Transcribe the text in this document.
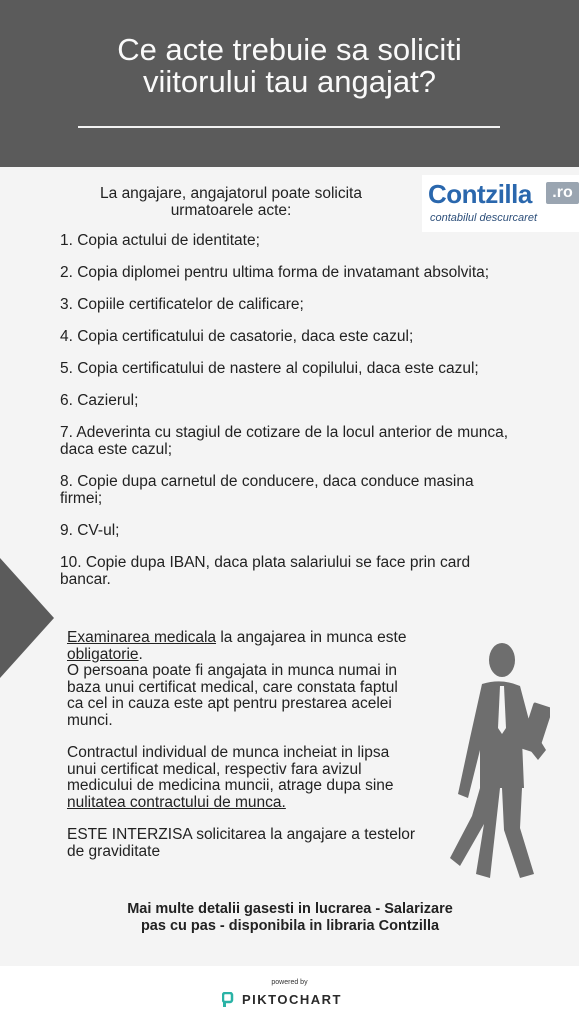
Ce acte trebuie sa soliciti
viitorului tau angajat?
La angajare, angajatorul poate solicita
urmatoarele acte:
Contzilla	.ro
contabilul descurcaret
1. Copia actului de identitate;
2. Copia diplomei pentru ultima forma de invatamant absolvita;
3. Copiile certificatelor de calificare;
4. Copia certificatului de casatorie, daca este cazul;
5. Copia certificatului de nastere al copilului, daca este cazul;
6. Cazierul;
7. Adeverinta cu stagiul de cotizare de la locul anterior de munca, daca este cazul;
8. Copie dupa carnetul de conducere, daca conduce masina firmei;
9. CV-ul;
10. Copie dupa IBAN, daca plata salariului se face prin card bancar.

Examinarea medicala la angajarea in munca este obligatorie.
O persoana poate fi angajata in munca numai in baza unui certificat medical, care constata faptul ca cel in cauza este apt pentru prestarea acelei munci.

Contractul individual de munca incheiat in lipsa unui certificat medical, respectiv fara avizul medicului de medicina muncii, atrage dupa sine nulitatea contractului de munca.

ESTE INTERZISA solicitarea la angajare a testelor de graviditate

Mai multe detalii gasesti in lucrarea - Salarizare pas cu pas - disponibila in libraria Contzilla
powered by
PIKTOCHART
